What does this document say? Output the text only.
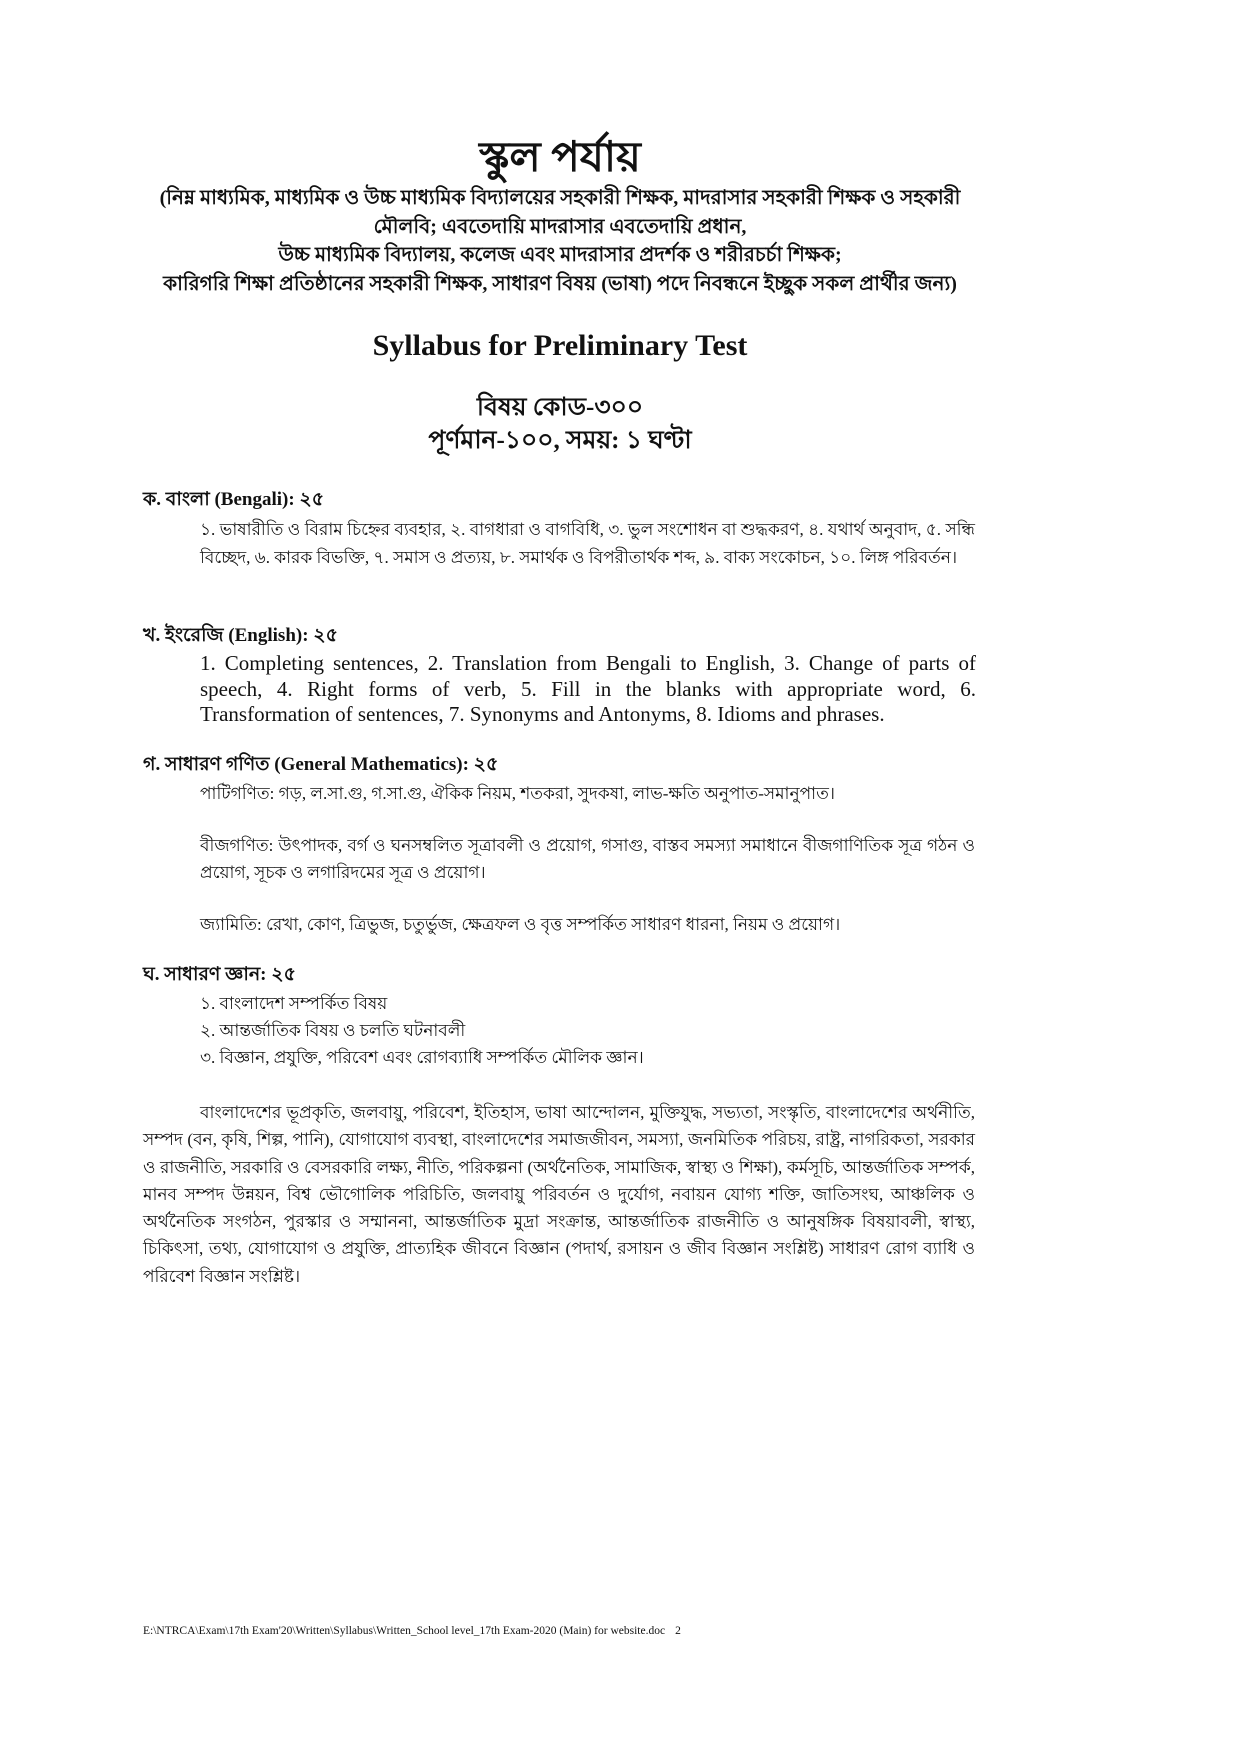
স্কুল পর্যায়
(নিম্ন মাধ্যমিক, মাধ্যমিক ও উচ্চ মাধ্যমিক বিদ্যালয়ের সহকারী শিক্ষক, মাদরাসার সহকারী শিক্ষক ও সহকারী
মৌলবি; এবতেদায়ি মাদরাসার এবতেদায়ি প্রধান,
উচ্চ মাধ্যমিক বিদ্যালয়, কলেজ এবং মাদরাসার প্রদর্শক ও শরীরচর্চা শিক্ষক;
কারিগরি শিক্ষা প্রতিষ্ঠানের সহকারী শিক্ষক, সাধারণ বিষয় (ভাষা) পদে নিবন্ধনে ইচ্ছুক সকল প্রার্থীর জন্য)
Syllabus for Preliminary Test
বিষয় কোড-৩০০
পূর্ণমান-১০০, সময়: ১ ঘণ্টা
ক. বাংলা (Bengali): ২৫
১. ভাষারীতি ও বিরাম চিহ্নের ব্যবহার, ২. বাগধারা ও বাগবিধি, ৩. ভুল সংশোধন বা শুদ্ধকরণ, ৪. যথার্থ অনুবাদ, ৫. সন্ধি বিচ্ছেদ, ৬. কারক বিভক্তি, ৭. সমাস ও প্রত্যয়, ৮. সমার্থক ও বিপরীতার্থক শব্দ, ৯. বাক্য সংকোচন, ১০. লিঙ্গ পরিবর্তন।
খ. ইংরেজি (English): ২৫
1. Completing sentences, 2. Translation from Bengali to English, 3. Change of parts of speech, 4. Right forms of verb, 5. Fill in the blanks with appropriate word, 6. Transformation of sentences, 7. Synonyms and Antonyms, 8. Idioms and phrases.
গ. সাধারণ গণিত (General Mathematics): ২৫
পাটিগণিত: গড়, ল.সা.গু, গ.সা.গু, ঐকিক নিয়ম, শতকরা, সুদকষা, লাভ-ক্ষতি অনুপাত-সমানুপাত।
বীজগণিত: উৎপাদক, বর্গ ও ঘনসম্বলিত সূত্রাবলী ও প্রয়োগ, গসাগু, বাস্তব সমস্যা সমাধানে বীজগাণিতিক সূত্র গঠন ও প্রয়োগ, সূচক ও লগারিদমের সূত্র ও প্রয়োগ।
জ্যামিতি: রেখা, কোণ, ত্রিভুজ, চতুর্ভুজ, ক্ষেত্রফল ও বৃত্ত সম্পর্কিত সাধারণ ধারনা, নিয়ম ও প্রয়োগ।
ঘ. সাধারণ জ্ঞান: ২৫
১. বাংলাদেশ সম্পর্কিত বিষয়
২. আন্তর্জাতিক বিষয় ও চলতি ঘটনাবলী
৩. বিজ্ঞান, প্রযুক্তি, পরিবেশ এবং রোগব্যাধি সম্পর্কিত মৌলিক জ্ঞান।
বাংলাদেশের ভূপ্রকৃতি, জলবায়ু, পরিবেশ, ইতিহাস, ভাষা আন্দোলন, মুক্তিযুদ্ধ, সভ্যতা, সংস্কৃতি, বাংলাদেশের অর্থনীতি, সম্পদ (বন, কৃষি, শিল্প, পানি), যোগাযোগ ব্যবস্থা, বাংলাদেশের সমাজজীবন, সমস্যা, জনমিতিক পরিচয়, রাষ্ট্র, নাগরিকতা, সরকার ও রাজনীতি, সরকারি ও বেসরকারি লক্ষ্য, নীতি, পরিকল্পনা (অর্থনৈতিক, সামাজিক, স্বাস্থ্য ও শিক্ষা), কর্মসূচি, আন্তর্জাতিক সম্পর্ক, মানব সম্পদ উন্নয়ন, বিশ্ব ভৌগোলিক পরিচিতি, জলবায়ু পরিবর্তন ও দুর্যোগ, নবায়ন যোগ্য শক্তি, জাতিসংঘ, আঞ্চলিক ও অর্থনৈতিক সংগঠন, পুরস্কার ও সম্মাননা, আন্তর্জাতিক মুদ্রা সংক্রান্ত, আন্তর্জাতিক রাজনীতি ও আনুষঙ্গিক বিষয়াবলী, স্বাস্থ্য, চিকিৎসা, তথ্য, যোগাযোগ ও প্রযুক্তি, প্রাত্যহিক জীবনে বিজ্ঞান (পদার্থ, রসায়ন ও জীব বিজ্ঞান সংশ্লিষ্ট) সাধারণ রোগ ব্যাধি ও পরিবেশ বিজ্ঞান সংশ্লিষ্ট।
E:\NTRCA\Exam\17th Exam'20\Written\Syllabus\Written_School level_17th Exam-2020 (Main) for website.doc 2
